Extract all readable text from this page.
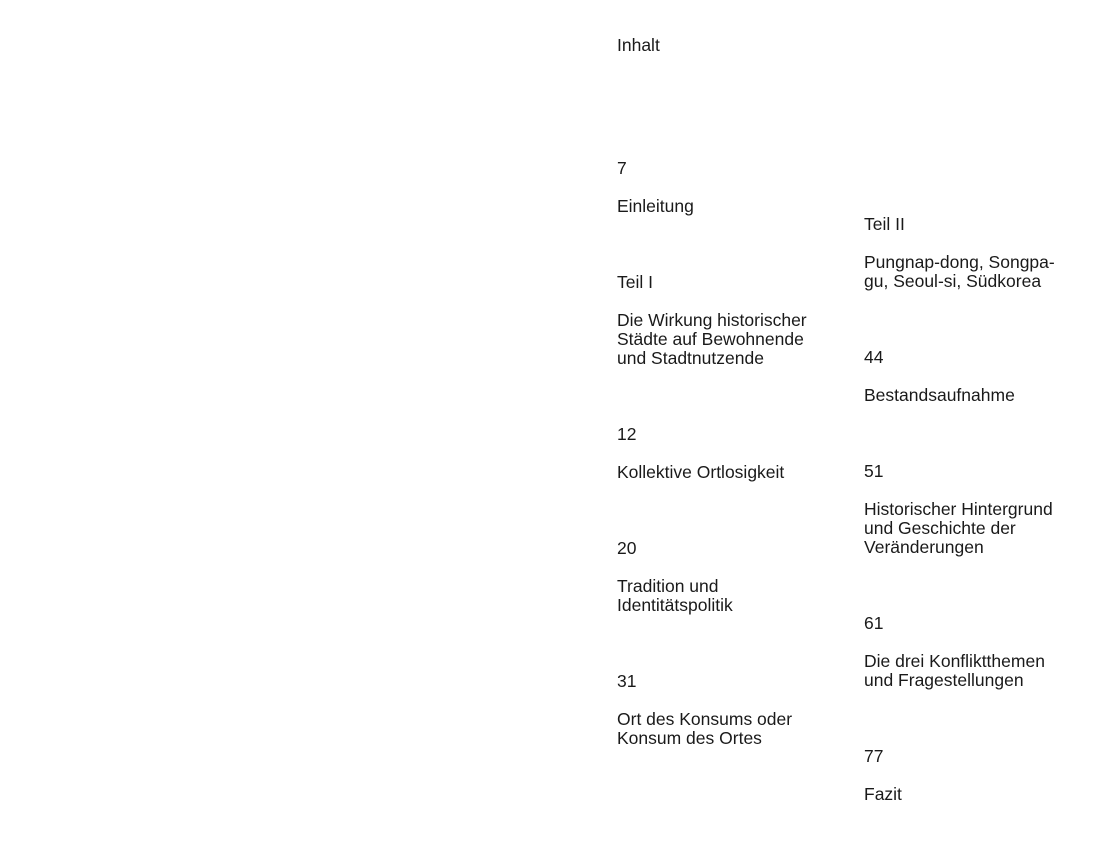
Inhalt

7

Einleitung

Teil I

Die Wirkung historischer
Städte auf Bewohnende
und Stadtnutzende

12

Kollektive Ortlosigkeit

20

Tradition und
Identitätspolitik

31

Ort des Konsums oder
Konsum des Ortes

Teil II

Pungnap-dong, Songpa-
gu, Seoul-si, Südkorea

44

Bestandsaufnahme

51

Historischer Hintergrund
und Geschichte der
Veränderungen

61

Die drei Konfliktthemen
und Fragestellungen

77

Fazit
